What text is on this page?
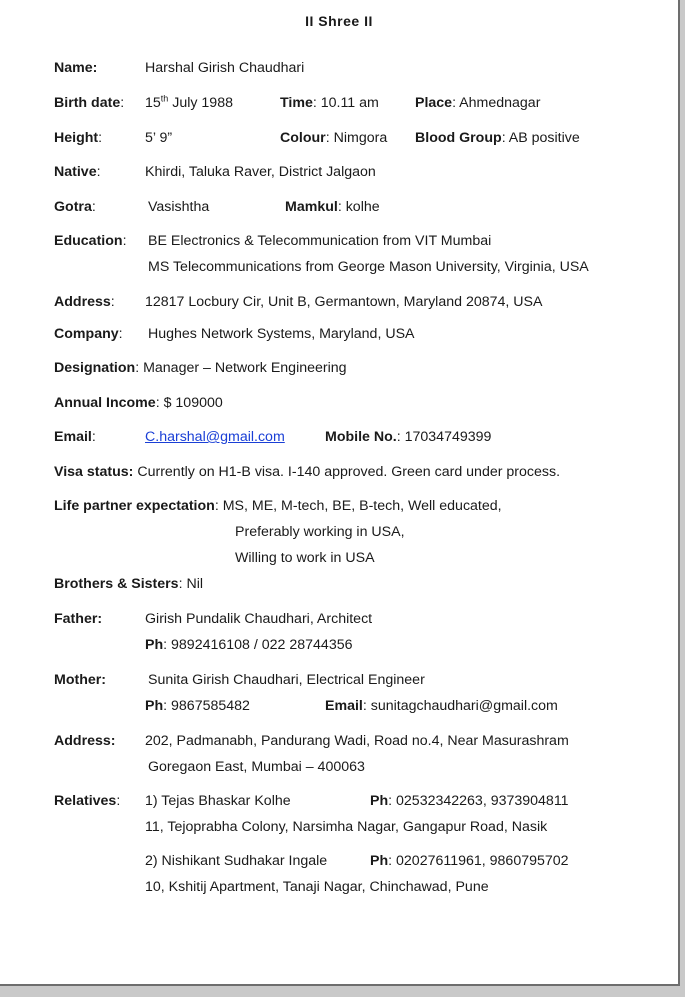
II Shree II
Name:	Harshal Girish Chaudhari
Birth date: 15th July 1988	Time: 10.11 am	Place: Ahmednagar
Height:	5’ 9”	Colour: Nimgora Blood Group: AB positive
Native:	Khirdi, Taluka Raver, District Jalgaon
Gotra:	Vasishtha	Mamkul: kolhe
Education: BE Electronics & Telecommunication from VIT Mumbai
MS Telecommunications from George Mason University, Virginia, USA
Address: 12817 Locbury Cir, Unit B, Germantown, Maryland 20874, USA
Company: Hughes Network Systems, Maryland, USA
Designation: Manager – Network Engineering
Annual Income: $ 109000
Email:	C.harshal@gmail.com	Mobile No.: 17034749399
Visa status: Currently on H1-B visa. I-140 approved. Green card under process.
Life partner expectation: MS, ME, M-tech, BE, B-tech, Well educated,
Preferably working in USA,
Willing to work in USA
Brothers & Sisters: Nil
Father:	Girish Pundalik Chaudhari, Architect
Ph: 9892416108 / 022 28744356
Mother:	Sunita Girish Chaudhari, Electrical Engineer
Ph: 9867585482	Email: sunitagchaudhari@gmail.com
Address: 202, Padmanabh, Pandurang Wadi, Road no.4, Near Masurashram
Goregaon East, Mumbai – 400063
Relatives: 1) Tejas Bhaskar Kolhe	Ph: 02532342263, 9373904811
11, Tejoprabha Colony, Narsimha Nagar, Gangapur Road, Nasik
2) Nishikant Sudhakar Ingale	Ph: 02027611961, 9860795702
10, Kshitij Apartment, Tanaji Nagar, Chinchawad, Pune
